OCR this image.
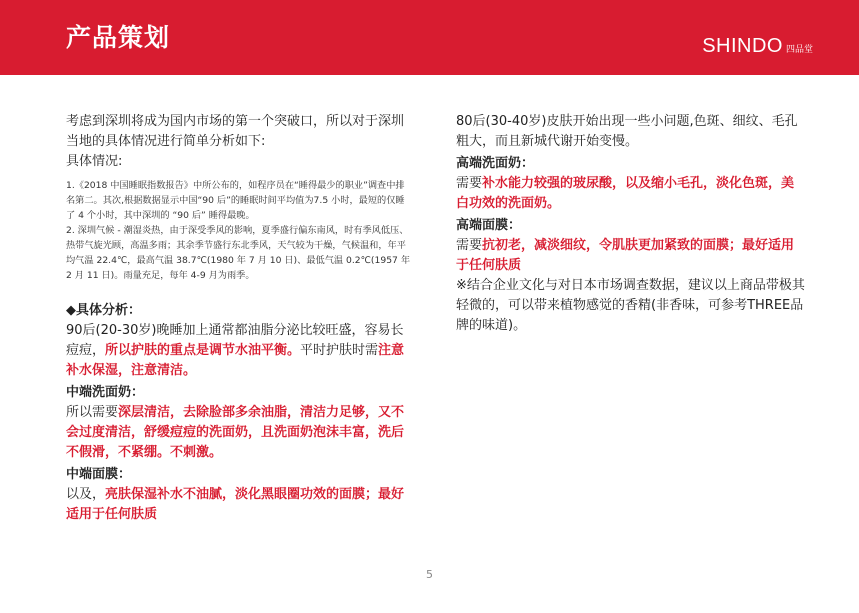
产品策划	SHINDO 四品堂
考虑到深圳将成为国内市场的第一个突破口，所以对于深圳当地的具体情况进行简单分析如下:
具体情况:
1.《2018 中国睡眠指数报告》中所公布的，如程序员在“睡得最少的职业”调查中排名第二。其次,根据数据显示中国“90 后”的睡眠时间平均值为7.5 小时，最短的仅睡了 4 个小时，其中深圳的 “90 后” 睡得最晚。
2. 深圳气候 - 潮湿炎热，由于深受季风的影响，夏季盛行偏东南风，时有季风低压、热带气旋光顾，高温多雨；其余季节盛行东北季风，天气较为干燥，气候温和，年平均气温 22.4℃，最高气温 38.7℃(1980 年 7 月 10 日)、最低气温 0.2℃(1957 年 2 月 11 日)。雨量充足，每年 4-9 月为雨季。
◆具体分析：
90后(20-30岁)晚睡加上通常都油脂分泌比较旺盛，容易长痘痘，所以护肤的重点是调节水油平衡。平时护肤时需注意补水保湿，注意清洁。
中端洗面奶：
所以需要深层清洁，去除脸部多余油脂，清洁力足够，又不会过度清洁，舒缓痘痘的洗面奶，且洗面奶泡沫丰富，洗后不假滑，不紧绷。不刺激。
中端面膜：
以及，亮肤保湿补水不油腻，淡化黑眼圈功效的面膜；最好适用于任何肤质
80后(30-40岁)皮肤开始出现一些小问题,色斑、细纹、毛孔粗大，而且新城代谢开始变慢。
高端洗面奶：
需要补水能力较强的玻尿酸，以及缩小毛孔，淡化色斑，美白功效的洗面奶。
高端面膜：
需要抗初老，减淡细纹，令肌肤更加紧致的面膜；最好适用于任何肤质
※结合企业文化与对日本市场调查数据，建议以上商品带极其轻微的，可以带来植物感觉的香精(非香味，可参考THREE品牌的味道)。
5
